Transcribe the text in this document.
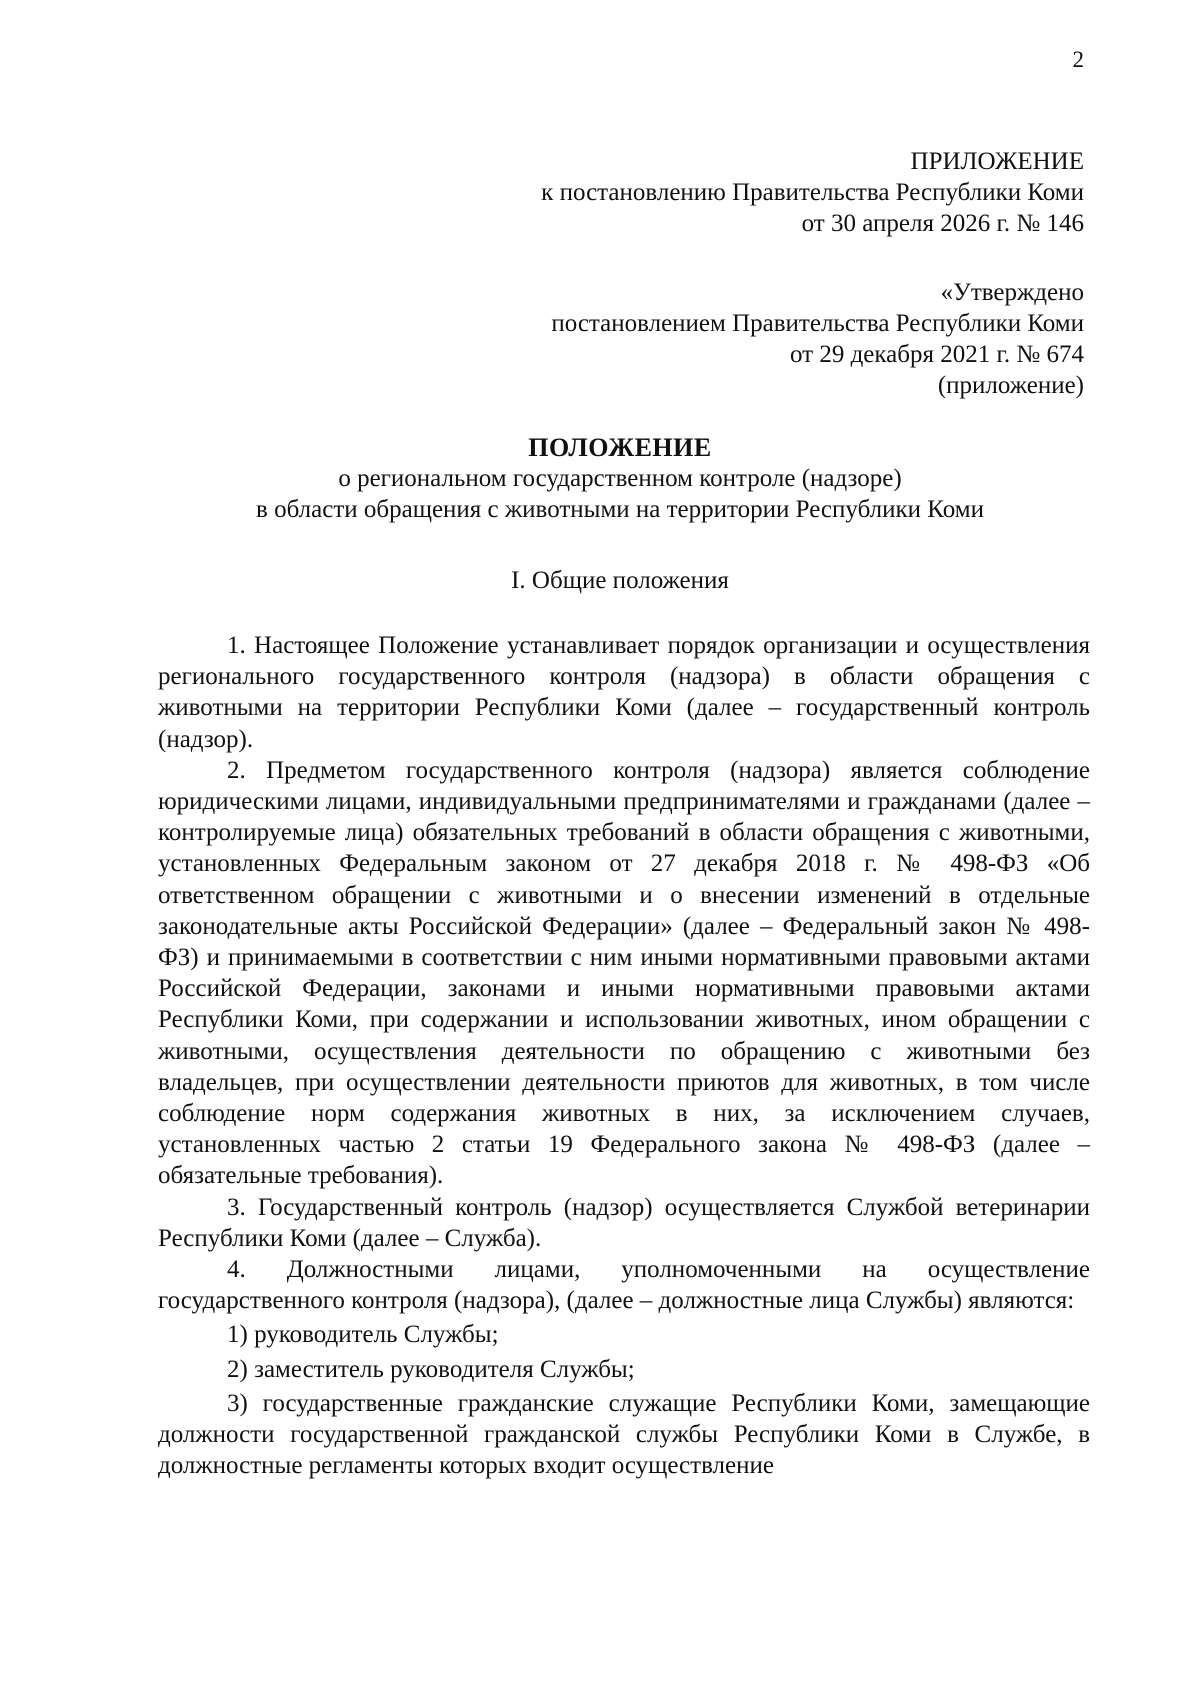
2
ПРИЛОЖЕНИЕ
к постановлению Правительства Республики Коми
от 30 апреля 2026 г. № 146
«Утверждено
постановлением Правительства Республики Коми
от 29 декабря 2021 г. № 674
(приложение)
ПОЛОЖЕНИЕ
о региональном государственном контроле (надзоре)
в области обращения с животными на территории Республики Коми
I. Общие положения

1. Настоящее Положение устанавливает порядок организации и осуществления регионального государственного контроля (надзора) в области обращения с животными на территории Республики Коми (далее – государственный контроль (надзор).

2. Предметом государственного контроля (надзора) является соблюдение юридическими лицами, индивидуальными предпринимателями и гражданами (далее – контролируемые лица) обязательных требований в области обращения с животными, установленных Федеральным законом от 27 декабря 2018 г. № 498-ФЗ «Об ответственном обращении с животными и о внесении изменений в отдельные законодательные акты Российской Федерации» (далее – Федеральный закон № 498-ФЗ) и принимаемыми в соответствии с ним иными нормативными правовыми актами Российской Федерации, законами и иными нормативными правовыми актами Республики Коми, при содержании и использовании животных, ином обращении с животными, осуществления деятельности по обращению с животными без владельцев, при осуществлении деятельности приютов для животных, в том числе соблюдение норм содержания животных в них, за исключением случаев, установленных частью 2 статьи 19 Федерального закона № 498-ФЗ (далее – обязательные требования).

3. Государственный контроль (надзор) осуществляется Службой ветеринарии Республики Коми (далее – Служба).

4. Должностными лицами, уполномоченными на осуществление государственного контроля (надзора), (далее – должностные лица Службы) являются:

1) руководитель Службы;

2) заместитель руководителя Службы;

3) государственные гражданские служащие Республики Коми, замещающие должности государственной гражданской службы Республики Коми в Службе, в должностные регламенты которых входит осуществление
